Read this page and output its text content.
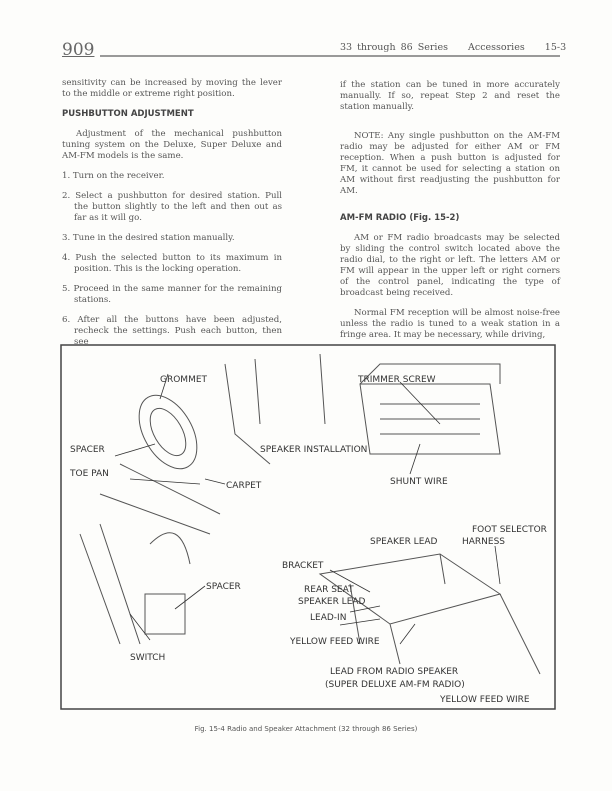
909	33 through 86 Series    Accessories    15-3

sensitivity can be increased by moving the lever to the middle or extreme right position.

PUSHBUTTON ADJUSTMENT

Adjustment of the mechanical pushbutton tuning system on the Deluxe, Super Deluxe and AM-FM models is the same.

1. Turn on the receiver.

2. Select a pushbutton for desired station. Pull the button slightly to the left and then out as far as it will go.

3. Tune in the desired station manually.

4. Push the selected button to its maximum in position. This is the locking operation.

5. Proceed in the same manner for the remaining stations.

6. After all the buttons have been adjusted, recheck the settings. Push each button, then see

if the station can be tuned in more accurately manually. If so, repeat Step 2 and reset the station manually.

NOTE: Any single pushbutton on the AM-FM radio may be adjusted for either AM or FM reception. When a push button is adjusted for FM, it cannot be used for selecting a station on AM without first readjusting the pushbutton for AM.

AM-FM RADIO (Fig. 15-2)

AM or FM radio broadcasts may be selected by sliding the control switch located above the radio dial, to the right or left. The letters AM or FM will appear in the upper left or right corners of the control panel, indicating the type of broadcast being received.

Normal FM reception will be almost noise-free unless the radio is tuned to a weak station in a fringe area. It may be necessary, while driving,

GROMMET
SPACER
TOE PAN
CARPET
SPEAKER INSTALLATION
TRIMMER SCREW
SHUNT WIRE
FOOT SELECTOR
HARNESS
SPEAKER LEAD
BRACKET
SPACER	REAR SEAT
SPEAKER LEAD
LEAD-IN
SWITCH
YELLOW FEED WIRE
LEAD FROM RADIO SPEAKER
(SUPER DELUXE AM-FM RADIO)
YELLOW FEED WIRE
Fig. 15-4 Radio and Speaker Attachment (32 through 86 Series)
